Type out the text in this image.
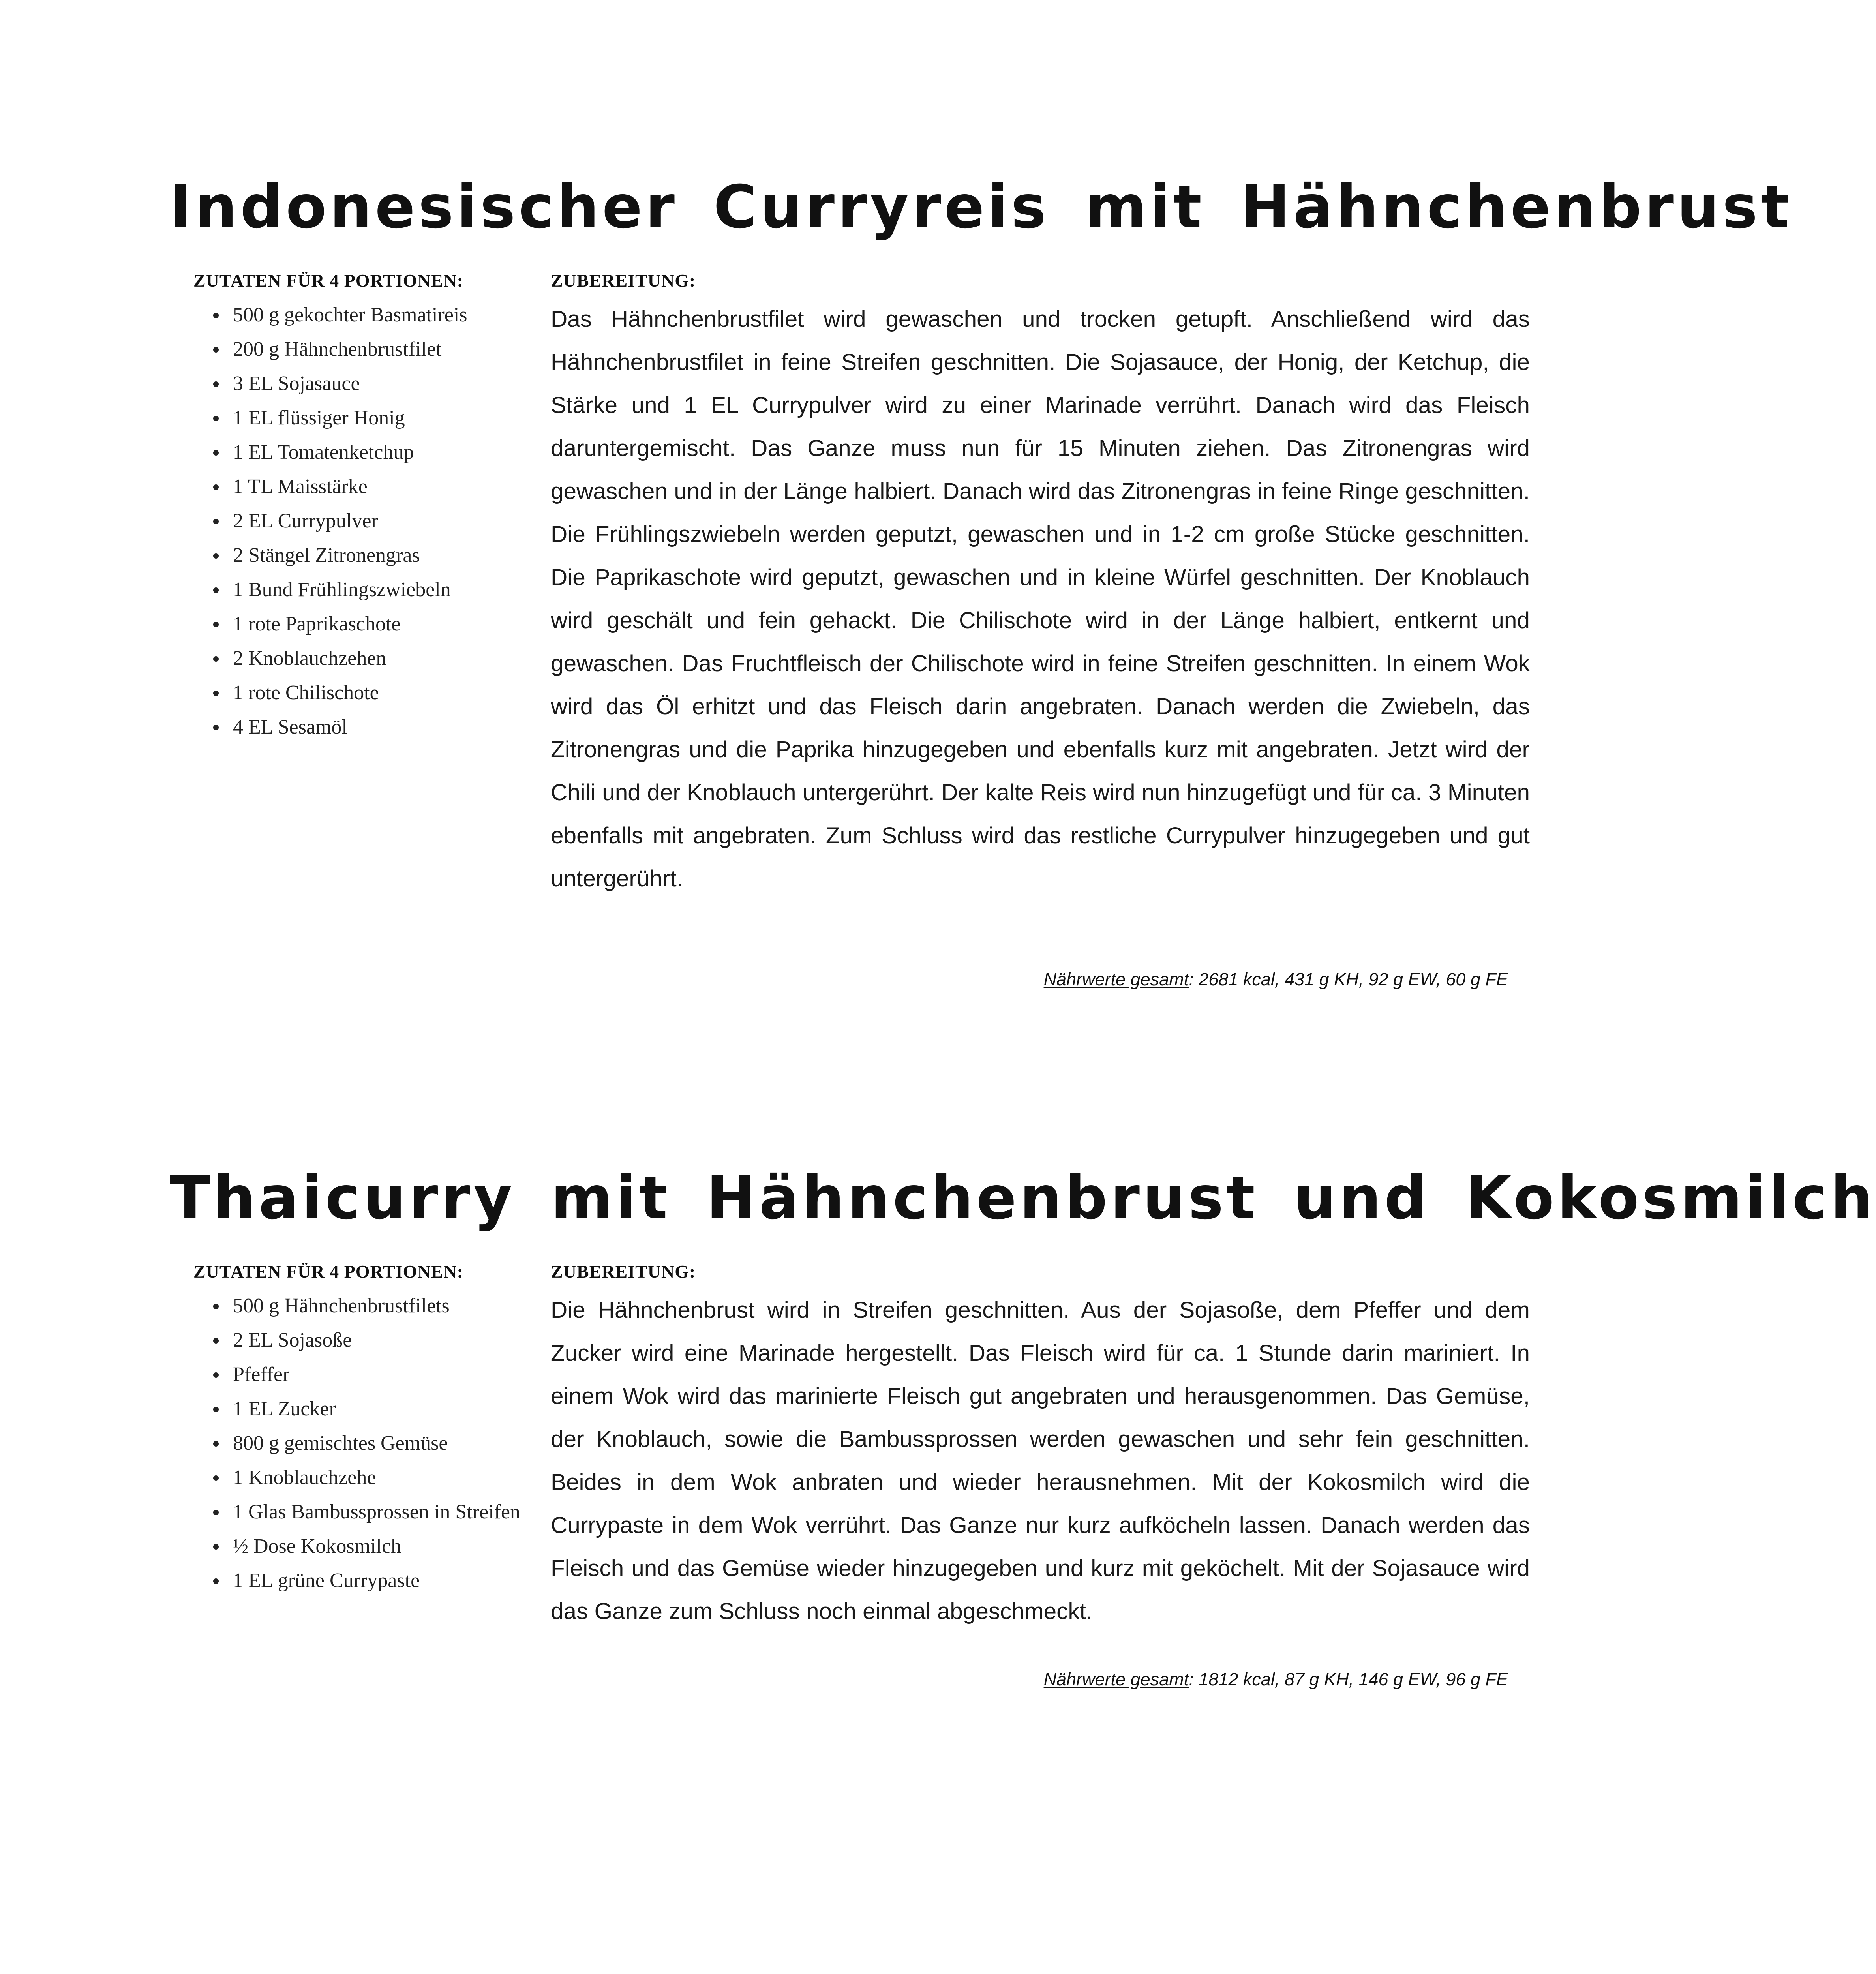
Indonesischer Curryreis mit Hähnchenbrust
ZUTATEN FÜR 4 PORTIONEN:
500 g gekochter Basmatireis
200 g Hähnchenbrustfilet
3 EL Sojasauce
1 EL flüssiger Honig
1 EL Tomatenketchup
1 TL Maisstärke
2 EL Currypulver
2 Stängel Zitronengras
1 Bund Frühlingszwiebeln
1 rote Paprikaschote
2 Knoblauchzehen
1 rote Chilischote
4 EL Sesamöl
ZUBEREITUNG:

Das Hähnchenbrustfilet wird gewaschen und trocken getupft. Anschließend wird das Hähnchenbrustfilet in feine Streifen geschnitten. Die Sojasauce, der Honig, der Ketchup, die Stärke und 1 EL Currypulver wird zu einer Marinade verrührt. Danach wird das Fleisch daruntergemischt. Das Ganze muss nun für 15 Minuten ziehen. Das Zitronengras wird gewaschen und in der Länge halbiert. Danach wird das Zitronengras in feine Ringe geschnitten. Die Frühlingszwiebeln werden geputzt, gewaschen und in 1-2 cm große Stücke geschnitten. Die Paprikaschote wird geputzt, gewaschen und in kleine Würfel geschnitten. Der Knoblauch wird geschält und fein gehackt. Die Chilischote wird in der Länge halbiert, entkernt und gewaschen. Das Fruchtfleisch der Chilischote wird in feine Streifen geschnitten. In einem Wok wird das Öl erhitzt und das Fleisch darin angebraten. Danach werden die Zwiebeln, das Zitronengras und die Paprika hinzugegeben und ebenfalls kurz mit angebraten. Jetzt wird der Chili und der Knoblauch untergerührt. Der kalte Reis wird nun hinzugefügt und für ca. 3 Minuten ebenfalls mit angebraten. Zum Schluss wird das restliche Currypulver hinzugegeben und gut untergerührt.

Nährwerte gesamt: 2681 kcal, 431 g KH, 92 g EW, 60 g FE
Thaicurry mit Hähnchenbrust und Kokosmilch
ZUTATEN FÜR 4 PORTIONEN:
500 g Hähnchenbrustfilets
2 EL Sojasoße
Pfeffer
1 EL Zucker
800 g gemischtes Gemüse
1 Knoblauchzehe
1 Glas Bambussprossen in Streifen
½ Dose Kokosmilch
1 EL grüne Currypaste
ZUBEREITUNG:

Die Hähnchenbrust wird in Streifen geschnitten. Aus der Sojasoße, dem Pfeffer und dem Zucker wird eine Marinade hergestellt. Das Fleisch wird für ca. 1 Stunde darin mariniert. In einem Wok wird das marinierte Fleisch gut angebraten und herausgenommen. Das Gemüse, der Knoblauch, sowie die Bambussprossen werden gewaschen und sehr fein geschnitten. Beides in dem Wok anbraten und wieder herausnehmen. Mit der Kokosmilch wird die Currypaste in dem Wok verrührt. Das Ganze nur kurz aufköcheln lassen. Danach werden das Fleisch und das Gemüse wieder hinzugegeben und kurz mit geköchelt. Mit der Sojasauce wird das Ganze zum Schluss noch einmal abgeschmeckt.

Nährwerte gesamt: 1812 kcal, 87 g KH, 146 g EW, 96 g FE
